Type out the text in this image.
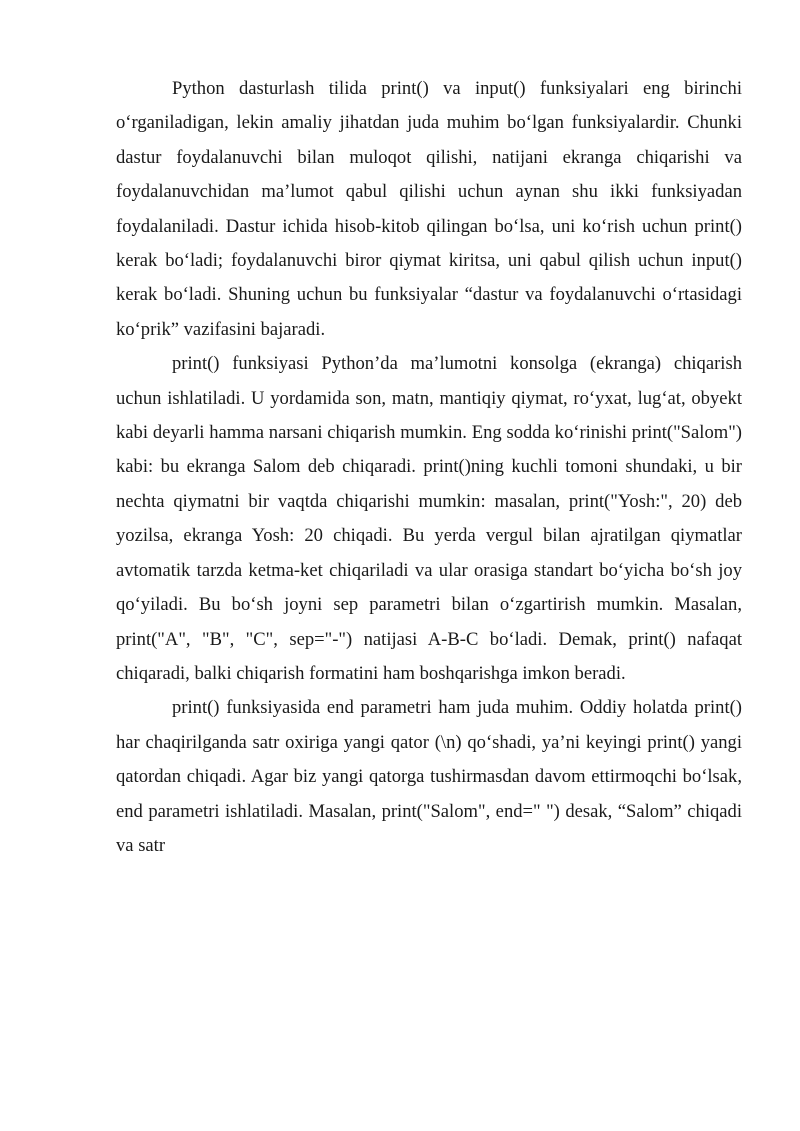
Python dasturlash tilida print() va input() funksiyalari eng birinchi oʻrganiladigan, lekin amaliy jihatdan juda muhim boʻlgan funksiyalardir. Chunki dastur foydalanuvchi bilan muloqot qilishi, natijani ekranga chiqarishi va foydalanuvchidan maʼlumot qabul qilishi uchun aynan shu ikki funksiyadan foydalaniladi. Dastur ichida hisob-kitob qilingan boʻlsa, uni koʻrish uchun print() kerak boʻladi; foydalanuvchi biror qiymat kiritsa, uni qabul qilish uchun input() kerak boʻladi. Shuning uchun bu funksiyalar “dastur va foydalanuvchi oʻrtasidagi koʻprik” vazifasini bajaradi.

print() funksiyasi Python’da maʼlumotni konsolga (ekranga) chiqarish uchun ishlatiladi. U yordamida son, matn, mantiqiy qiymat, roʻyxat, lugʻat, obyekt kabi deyarli hamma narsani chiqarish mumkin. Eng sodda koʻrinishi print("Salom") kabi: bu ekranga Salom deb chiqaradi. print()ning kuchli tomoni shundaki, u bir nechta qiymatni bir vaqtda chiqarishi mumkin: masalan, print("Yosh:", 20) deb yozilsa, ekranga Yosh: 20 chiqadi. Bu yerda vergul bilan ajratilgan qiymatlar avtomatik tarzda ketma-ket chiqariladi va ular orasiga standart boʻyicha boʻsh joy qoʻyiladi. Bu boʻsh joyni sep parametri bilan oʻzgartirish mumkin. Masalan, print("A", "B", "C", sep="-") natijasi A-B-C boʻladi. Demak, print() nafaqat chiqaradi, balki chiqarish formatini ham boshqarishga imkon beradi.

print() funksiyasida end parametri ham juda muhim. Oddiy holatda print() har chaqirilganda satr oxiriga yangi qator (\n) qoʻshadi, yaʼni keyingi print() yangi qatordan chiqadi. Agar biz yangi qatorga tushirmasdan davom ettirmoqchi boʻlsak, end parametri ishlatiladi. Masalan, print("Salom", end=" ") desak, “Salom” chiqadi va satr
